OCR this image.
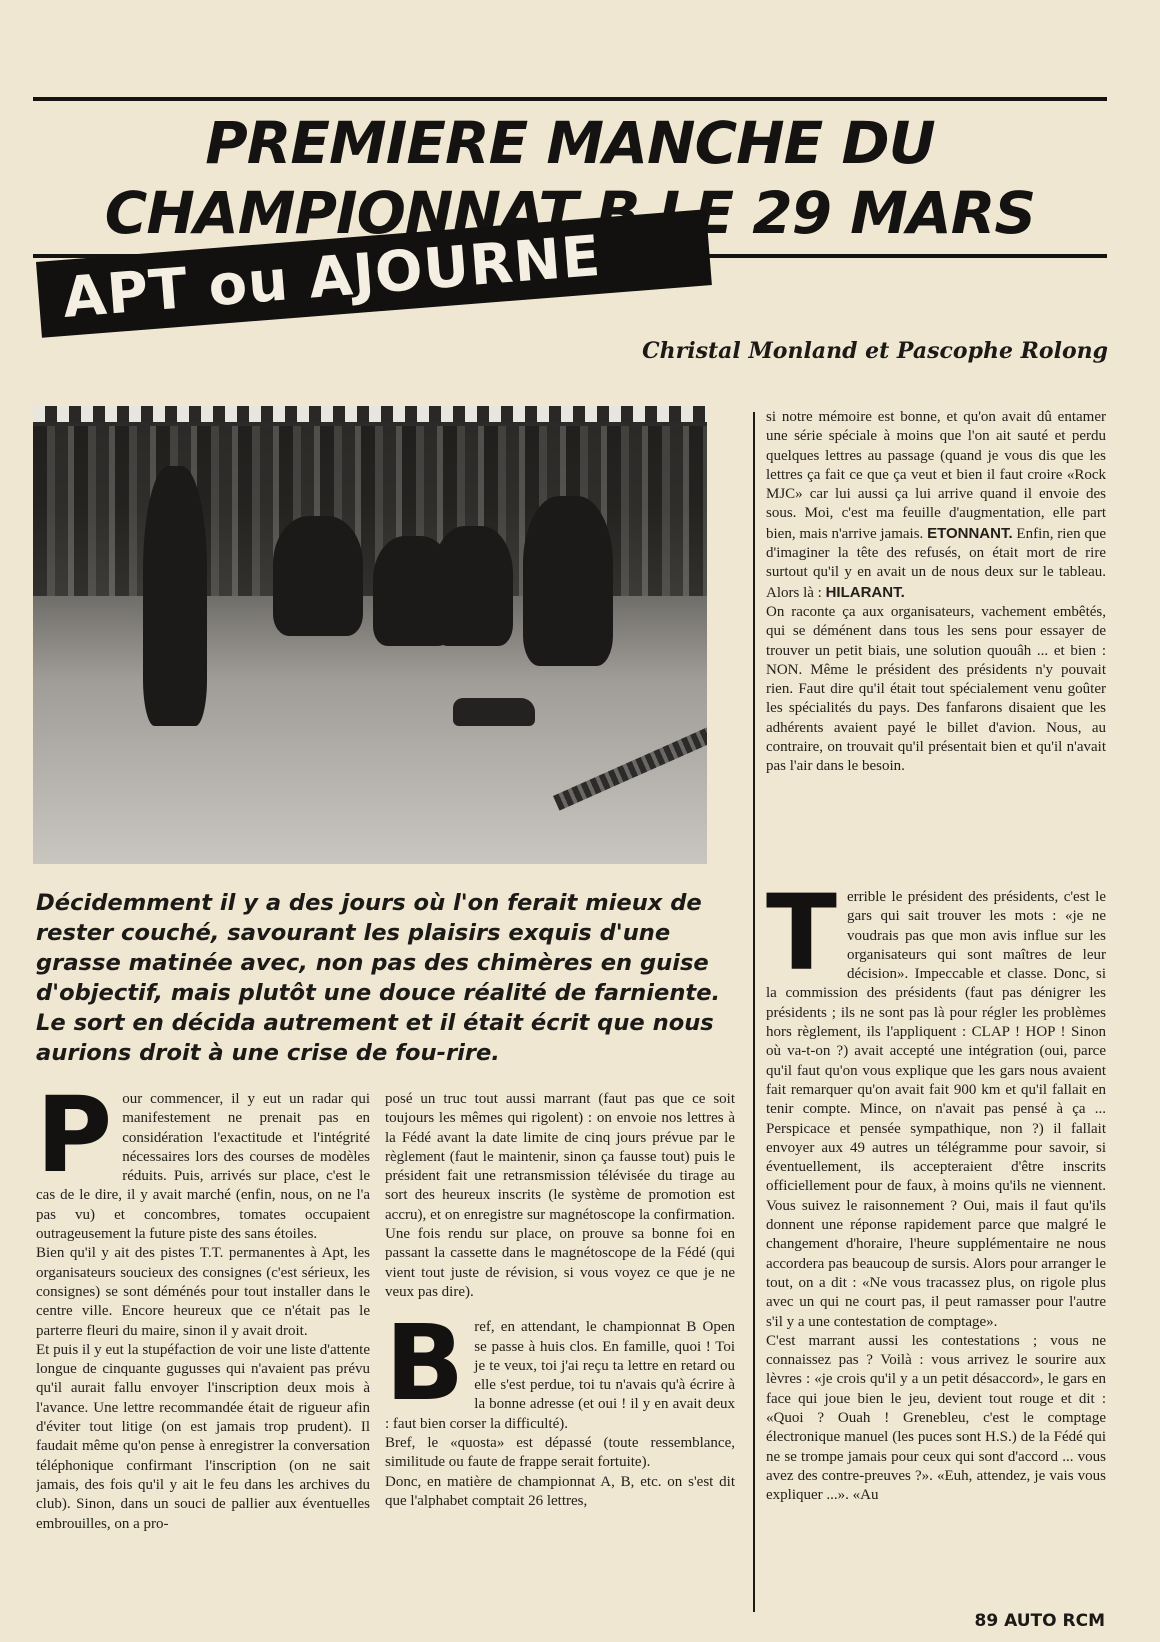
PREMIERE MANCHE DU
CHAMPIONNAT B LE 29 MARS
APT ou AJOURNE
Christal Monland et Pascophe Rolong

Décidemment il y a des jours où l'on ferait mieux de rester couché, savourant les plaisirs exquis d'une grasse matinée avec, non pas des chimères en guise d'objectif, mais plutôt une douce réalité de farniente.

Le sort en décida autrement et il était écrit que nous aurions droit à une crise de fou-rire.

Pour commencer, il y eut un radar qui manifestement ne prenait pas en considération l'exactitude et l'intégrité nécessaires lors des courses de modèles réduits. Puis, arrivés sur place, c'est le cas de le dire, il y avait marché (enfin, nous, on ne l'a pas vu) et concombres, tomates occupaient outrageusement la future piste des sans étoiles.

Bien qu'il y ait des pistes T.T. permanentes à Apt, les organisateurs soucieux des consignes (c'est sérieux, les consignes) se sont déménés pour tout installer dans le centre ville. Encore heureux que ce n'était pas le parterre fleuri du maire, sinon il y avait droit.

Et puis il y eut la stupéfaction de voir une liste d'attente longue de cinquante gugusses qui n'avaient pas prévu qu'il aurait fallu envoyer l'inscription deux mois à l'avance. Une lettre recommandée était de rigueur afin d'éviter tout litige (on est jamais trop prudent). Il faudait même qu'on pense à enregistrer la conversation téléphonique confirmant l'inscription (on ne sait jamais, des fois qu'il y ait le feu dans les archives du club). Sinon, dans un souci de pallier aux éventuelles embrouilles, on a pro-

posé un truc tout aussi marrant (faut pas que ce soit toujours les mêmes qui rigolent) : on envoie nos lettres à la Fédé avant la date limite de cinq jours prévue par le règlement (faut le maintenir, sinon ça fausse tout) puis le président fait une retransmission télévisée du tirage au sort des heureux inscrits (le système de promotion est accru), et on enregistre sur magnétoscope la confirmation. Une fois rendu sur place, on prouve sa bonne foi en passant la cassette dans le magnétoscope de la Fédé (qui vient tout juste de révision, si vous voyez ce que je ne veux pas dire).

Bref, en attendant, le championnat B Open se passe à huis clos. En famille, quoi ! Toi je te veux, toi j'ai reçu ta lettre en retard ou elle s'est perdue, toi tu n'avais qu'à écrire à la bonne adresse (et oui ! il y en avait deux : faut bien corser la difficulté).

Bref, le «quosta» est dépassé (toute ressemblance, similitude ou faute de frappe serait fortuite).

Donc, en matière de championnat A, B, etc. on s'est dit que l'alphabet comptait 26 lettres,

si notre mémoire est bonne, et qu'on avait dû entamer une série spéciale à moins que l'on ait sauté et perdu quelques lettres au passage (quand je vous dis que les lettres ça fait ce que ça veut et bien il faut croire «Rock MJC» car lui aussi ça lui arrive quand il envoie des sous. Moi, c'est ma feuille d'augmentation, elle part bien, mais n'arrive jamais. ETONNANT. Enfin, rien que d'imaginer la tête des refusés, on était mort de rire surtout qu'il y en avait un de nous deux sur le tableau. Alors là : HILARANT.

On raconte ça aux organisateurs, vachement embêtés, qui se déménent dans tous les sens pour essayer de trouver un petit biais, une solution quouâh ... et bien : NON. Même le président des présidents n'y pouvait rien. Faut dire qu'il était tout spécialement venu goûter les spécialités du pays. Des fanfarons disaient que les adhérents avaient payé le billet d'avion. Nous, au contraire, on trouvait qu'il présentait bien et qu'il n'avait pas l'air dans le besoin.

Terrible le président des présidents, c'est le gars qui sait trouver les mots : «je ne voudrais pas que mon avis influe sur les organisateurs qui sont maîtres de leur décision». Impeccable et classe. Donc, si la commission des présidents (faut pas dénigrer les présidents ; ils ne sont pas là pour régler les problèmes hors règlement, ils l'appliquent : CLAP ! HOP ! Sinon où va-t-on ?) avait accepté une intégration (oui, parce qu'il faut qu'on vous explique que les gars nous avaient fait remarquer qu'on avait fait 900 km et qu'il fallait en tenir compte. Mince, on n'avait pas pensé à ça ... Perspicace et pensée sympathique, non ?) il fallait envoyer aux 49 autres un télégramme pour savoir, si éventuellement, ils accepteraient d'être inscrits officiellement pour de faux, à moins qu'ils ne viennent. Vous suivez le raisonnement ? Oui, mais il faut qu'ils donnent une réponse rapidement parce que malgré le changement d'horaire, l'heure supplémentaire ne nous accordera pas beaucoup de sursis. Alors pour arranger le tout, on a dit : «Ne vous tracassez plus, on rigole plus avec un qui ne court pas, il peut ramasser pour l'autre s'il y a une contestation de comptage».

C'est marrant aussi les contestations ; vous ne connaissez pas ? Voilà : vous arrivez le sourire aux lèvres : «je crois qu'il y a un petit désaccord», le gars en face qui joue bien le jeu, devient tout rouge et dit : «Quoi ? Ouah ! Grenebleu, c'est le comptage électronique manuel (les puces sont H.S.) de la Fédé qui ne se trompe jamais pour ceux qui sont d'accord ... vous avez des contre-preuves ?». «Euh, attendez, je vais vous expliquer ...». «Au

89 AUTO RCM
